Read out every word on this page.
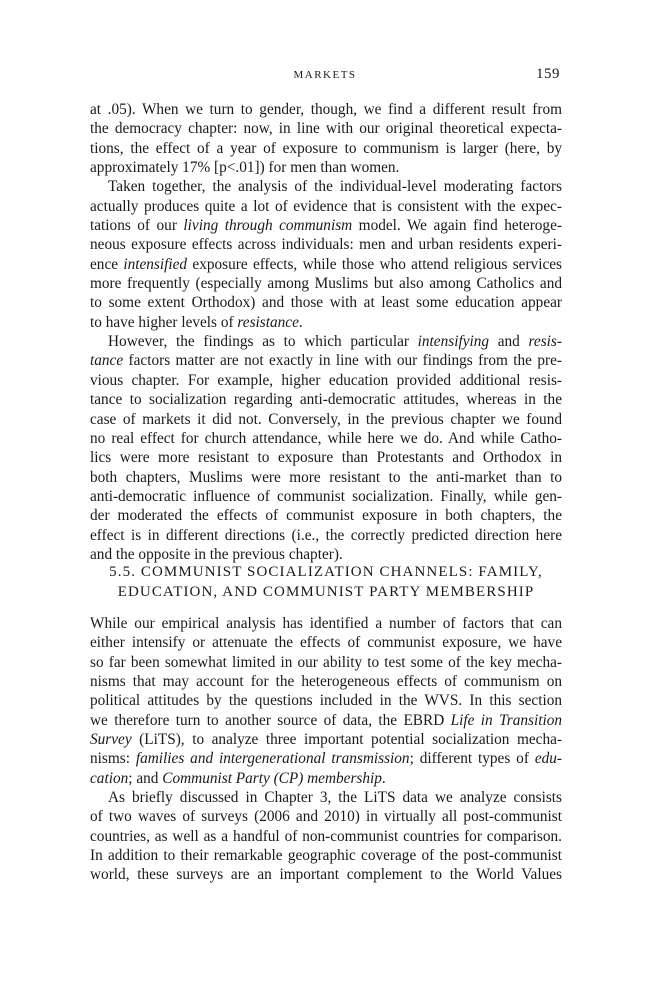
MARKETS	159
at .05). When we turn to gender, though, we find a different result from
the democracy chapter: now, in line with our original theoretical expecta-
tions, the effect of a year of exposure to communism is larger (here, by
approximately 17% [p<.01]) for men than women.
Taken together, the analysis of the individual-level moderating factors
actually produces quite a lot of evidence that is consistent with the expec-
tations of our living through communism model. We again find heteroge-
neous exposure effects across individuals: men and urban residents experi-
ence intensified exposure effects, while those who attend religious services
more frequently (especially among Muslims but also among Catholics and
to some extent Orthodox) and those with at least some education appear
to have higher levels of resistance.
However, the findings as to which particular intensifying and resis-
tance factors matter are not exactly in line with our findings from the pre-
vious chapter. For example, higher education provided additional resis-
tance to socialization regarding anti-democratic attitudes, whereas in the
case of markets it did not. Conversely, in the previous chapter we found
no real effect for church attendance, while here we do. And while Catho-
lics were more resistant to exposure than Protestants and Orthodox in
both chapters, Muslims were more resistant to the anti-market than to
anti-democratic influence of communist socialization. Finally, while gen-
der moderated the effects of communist exposure in both chapters, the
effect is in different directions (i.e., the correctly predicted direction here
and the opposite in the previous chapter).
5.5. COMMUNIST SOCIALIZATION CHANNELS: FAMILY,
EDUCATION, AND COMMUNIST PARTY MEMBERSHIP
While our empirical analysis has identified a number of factors that can
either intensify or attenuate the effects of communist exposure, we have
so far been somewhat limited in our ability to test some of the key mecha-
nisms that may account for the heterogeneous effects of communism on
political attitudes by the questions included in the WVS. In this section
we therefore turn to another source of data, the EBRD Life in Transition
Survey (LiTS), to analyze three important potential socialization mecha-
nisms: families and intergenerational transmission; different types of edu-
cation; and Communist Party (CP) membership.
As briefly discussed in Chapter 3, the LiTS data we analyze consists
of two waves of surveys (2006 and 2010) in virtually all post-communist
countries, as well as a handful of non-communist countries for comparison.
In addition to their remarkable geographic coverage of the post-communist
world, these surveys are an important complement to the World Values
